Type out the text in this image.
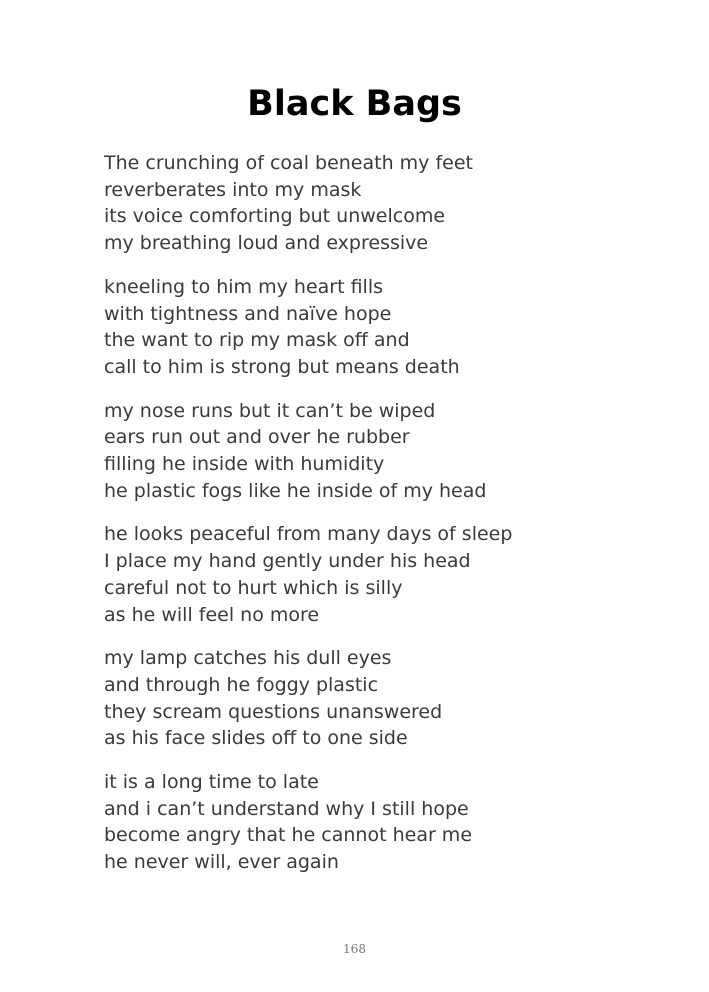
Black Bags
The crunching of coal beneath my feet
reverberates into my mask
its voice comforting but unwelcome
my breathing loud and expressive
kneeling to him my heart fills
with tightness and naïve hope
the want to rip my mask off and
call to him is strong but means death
my nose runs but it can’t be wiped
ears run out and over he rubber
filling he inside with humidity
he plastic fogs like he inside of my head
he looks peaceful from many days of sleep
I place my hand gently under his head
careful not to hurt which is silly
as he will feel no more
my lamp catches his dull eyes
and through he foggy plastic
they scream questions unanswered
as his face slides off to one side
it is a long time to late
and i can’t understand why I still hope
become angry that he cannot hear me
he never will, ever again
168
